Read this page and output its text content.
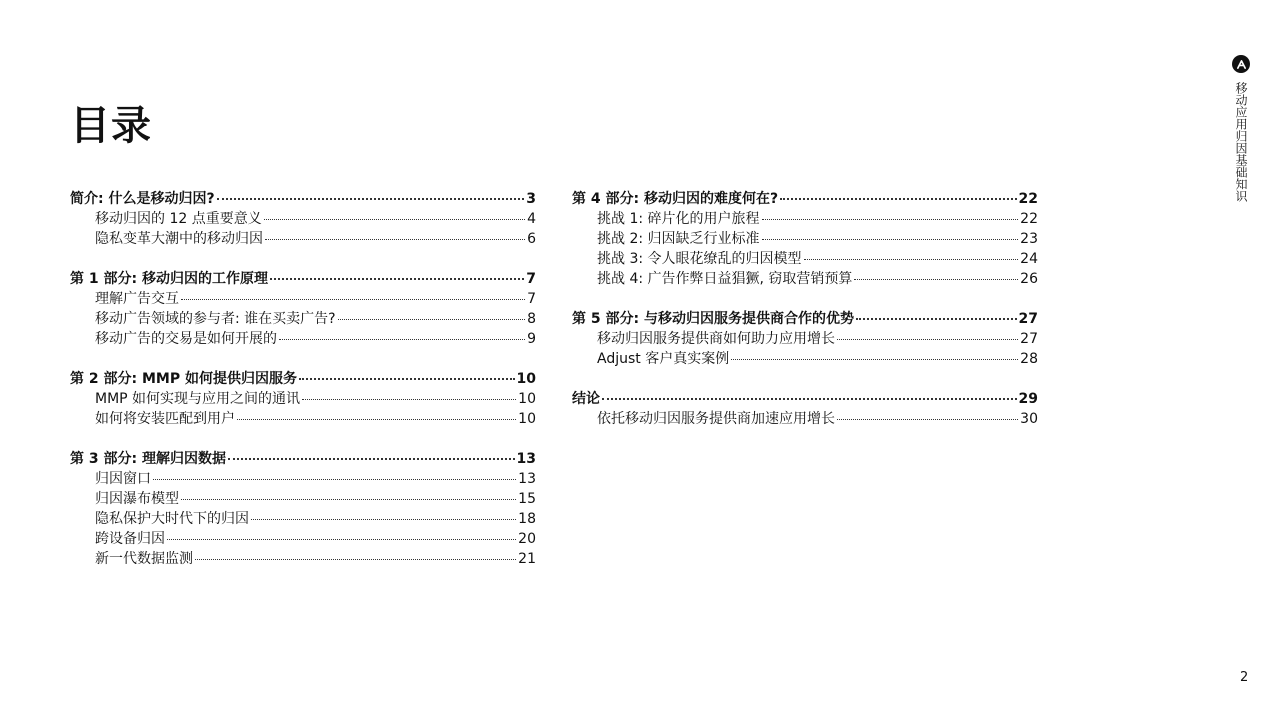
目录
简介: 什么是移动归因?	3
移动归因的 12 点重要意义	4
隐私变革大潮中的移动归因	6
第 1 部分: 移动归因的工作原理	7
理解广告交互	7
移动广告领域的参与者: 谁在买卖广告?	8
移动广告的交易是如何开展的	9
第 2 部分: MMP 如何提供归因服务	10
MMP 如何实现与应用之间的通讯	10
如何将安装匹配到用户	10
第 3 部分: 理解归因数据	13
归因窗口	13
归因瀑布模型	15
隐私保护大时代下的归因	18
跨设备归因	20
新一代数据监测	21
第 4 部分: 移动归因的难度何在?	22
挑战 1: 碎片化的用户旅程	22
挑战 2: 归因缺乏行业标准	23
挑战 3: 令人眼花缭乱的归因模型	24
挑战 4: 广告作弊日益猖獗, 窃取营销预算	26
第 5 部分: 与移动归因服务提供商合作的优势	27
移动归因服务提供商如何助力应用增长	27
Adjust 客户真实案例	28
结论	29
依托移动归因服务提供商加速应用增长	30
移动应用归因基础知识
2
